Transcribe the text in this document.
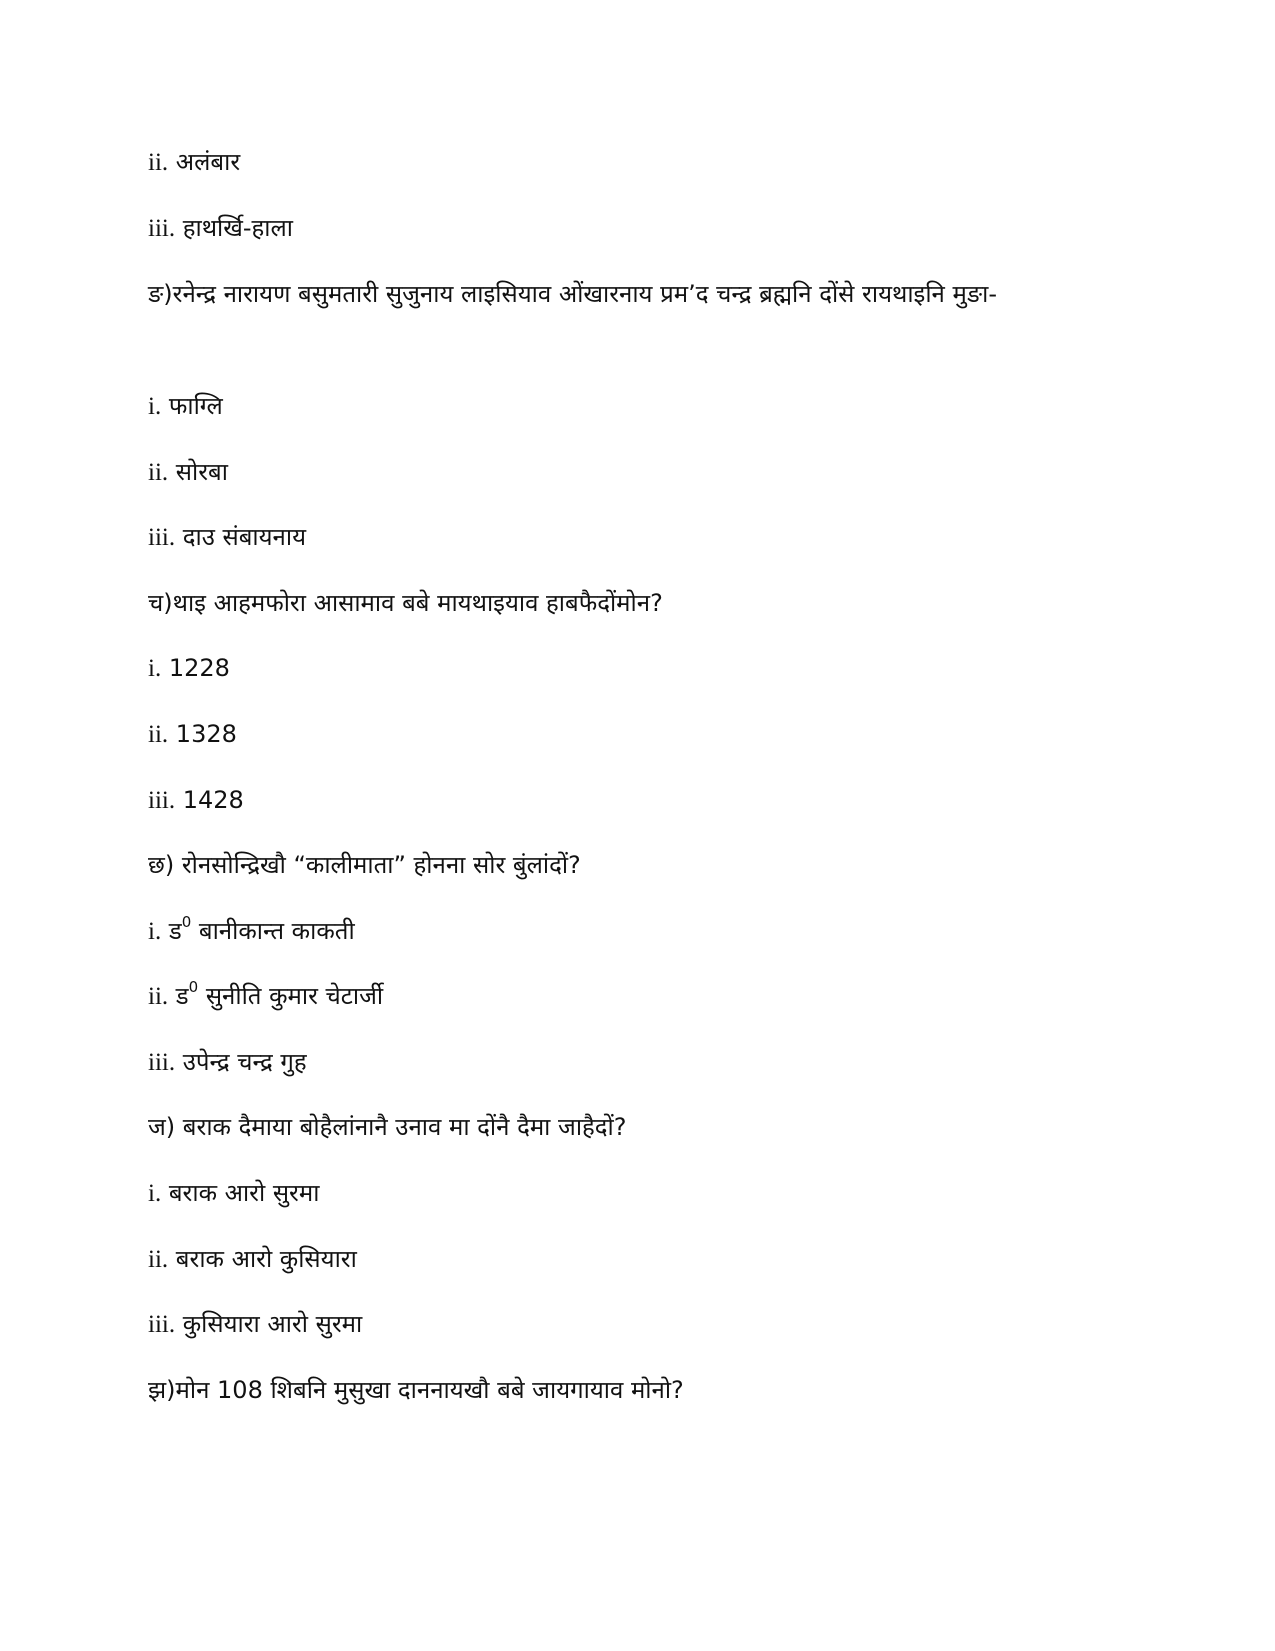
ii. अलंबार
iii. हाथर्खि-हाला
ङ)रनेन्द्र नारायण बसुमतारी सुजुनाय लाइसियाव ओंखारनाय प्रम’द चन्द्र ब्रह्मनि दोंसे रायथाइनि मुङा-
i. फाग्लि
ii. सोरबा
iii. दाउ संबायनाय
च)थाइ आहमफोरा आसामाव बबे मायथाइयाव हाबफैदोंमोन?
i. 1228
ii. 1328
iii. 1428
छ) रोनसोन्द्रिखौ “कालीमाता” होनना सोर बुंलांदों?
i. ड$^0$ बानीकान्त काकती
ii. ड$^0$ सुनीति कुमार चेटार्जी
iii. उपेन्द्र चन्द्र गुह
ज) बराक दैमाया बोहैलांनानै उनाव मा दोंनै दैमा जाहैदों?
i. बराक आरो सुरमा
ii. बराक आरो कुसियारा
iii. कुसियारा आरो सुरमा
झ)मोन 108 शिबनि मुसुखा दाननायखौ बबे जायगायाव मोनो?
